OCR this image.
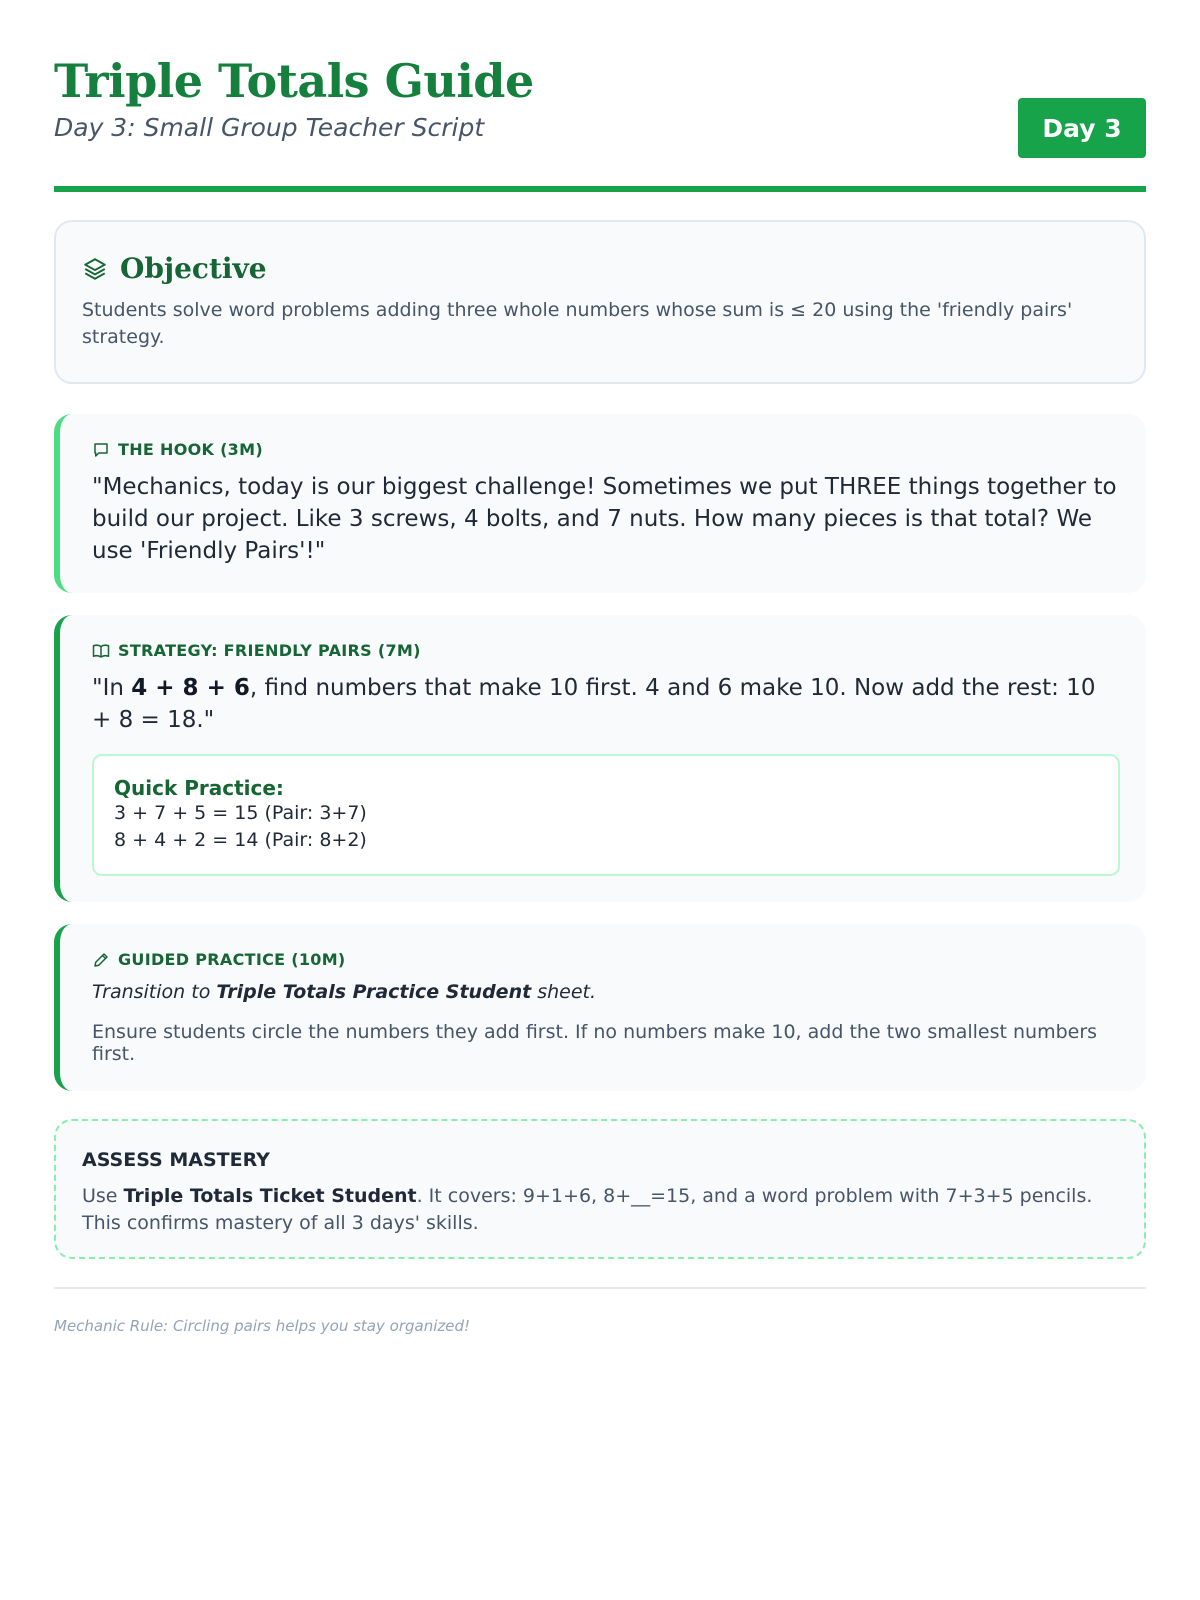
Triple Totals Guide
Day 3: Small Group Teacher Script	Day 3
Objective
Students solve word problems adding three whole numbers whose sum is ≤ 20 using the 'friendly pairs' strategy.
THE HOOK (3M)
"Mechanics, today is our biggest challenge! Sometimes we put THREE things together to build our project. Like 3 screws, 4 bolts, and 7 nuts. How many pieces is that total? We use 'Friendly Pairs'!"
STRATEGY: FRIENDLY PAIRS (7M)
"In 4 + 8 + 6, find numbers that make 10 first. 4 and 6 make 10. Now add the rest: 10 + 8 = 18."
Quick Practice:
3 + 7 + 5 = 15 (Pair: 3+7)
8 + 4 + 2 = 14 (Pair: 8+2)
GUIDED PRACTICE (10M)
Transition to Triple Totals Practice Student sheet.
Ensure students circle the numbers they add first. If no numbers make 10, add the two smallest numbers first.
ASSESS MASTERY
Use Triple Totals Ticket Student. It covers: 9+1+6, 8+__=15, and a word problem with 7+3+5 pencils. This confirms mastery of all 3 days' skills.
Mechanic Rule: Circling pairs helps you stay organized!
